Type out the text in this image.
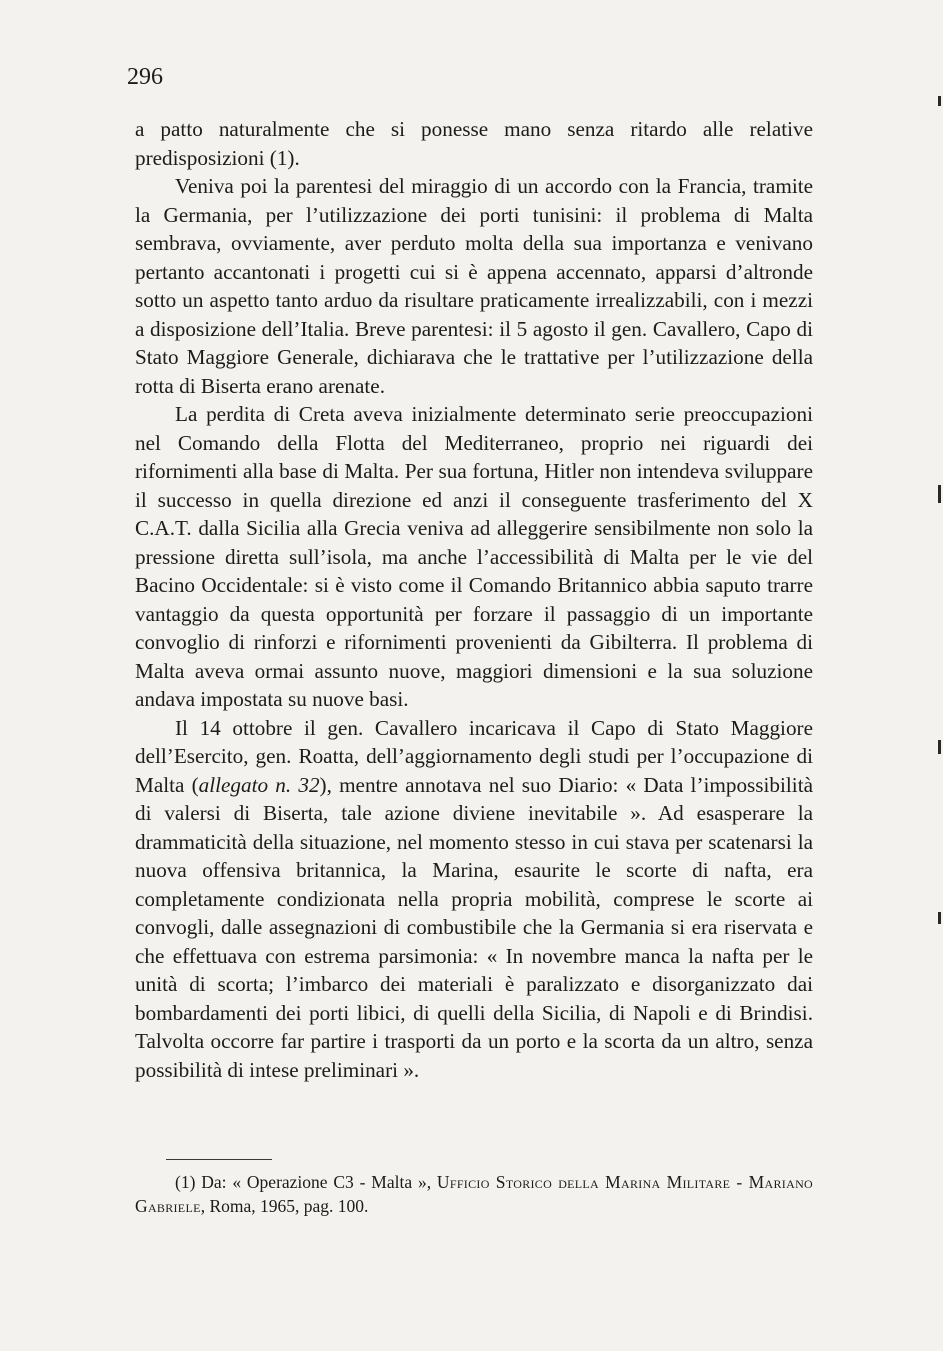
296

a patto naturalmente che si ponesse mano senza ritardo alle relative predisposizioni (1).

Veniva poi la parentesi del miraggio di un accordo con la Francia, tramite la Germania, per l’utilizzazione dei porti tunisini: il problema di Malta sembrava, ovviamente, aver perduto molta della sua importanza e venivano pertanto accantonati i progetti cui si è appena accennato, apparsi d’altronde sotto un aspetto tanto arduo da risultare praticamente irrealizzabili, con i mezzi a disposizione dell’Italia. Breve parentesi: il 5 agosto il gen. Cavallero, Capo di Stato Maggiore Generale, dichiarava che le trattative per l’utilizzazione della rotta di Biserta erano arenate.

La perdita di Creta aveva inizialmente determinato serie preoccupazioni nel Comando della Flotta del Mediterraneo, proprio nei riguardi dei rifornimenti alla base di Malta. Per sua fortuna, Hitler non intendeva sviluppare il successo in quella direzione ed anzi il conseguente trasferimento del X C.A.T. dalla Sicilia alla Grecia veniva ad alleggerire sensibilmente non solo la pressione diretta sull’isola, ma anche l’accessibilità di Malta per le vie del Bacino Occidentale: si è visto come il Comando Britannico abbia saputo trarre vantaggio da questa opportunità per forzare il passaggio di un importante convoglio di rinforzi e rifornimenti provenienti da Gibilterra. Il problema di Malta aveva ormai assunto nuove, maggiori dimensioni e la sua soluzione andava impostata su nuove basi.

Il 14 ottobre il gen. Cavallero incaricava il Capo di Stato Maggiore dell’Esercito, gen. Roatta, dell’aggiornamento degli studi per l’occupazione di Malta (allegato n. 32), mentre annotava nel suo Diario: « Data l’impossibilità di valersi di Biserta, tale azione diviene inevitabile ». Ad esasperare la drammaticità della situazione, nel momento stesso in cui stava per scatenarsi la nuova offensiva britannica, la Marina, esaurite le scorte di nafta, era completamente condizionata nella propria mobilità, comprese le scorte ai convogli, dalle assegnazioni di combustibile che la Germania si era riservata e che effettuava con estrema parsimonia: « In novembre manca la nafta per le unità di scorta; l’imbarco dei materiali è paralizzato e disorganizzato dai bombardamenti dei porti libici, di quelli della Sicilia, di Napoli e di Brindisi. Talvolta occorre far partire i trasporti da un porto e la scorta da un altro, senza possibilità di intese preliminari ».

(1) Da: « Operazione C3 - Malta », Ufficio Storico della Marina Militare - Mariano Gabriele, Roma, 1965, pag. 100.
